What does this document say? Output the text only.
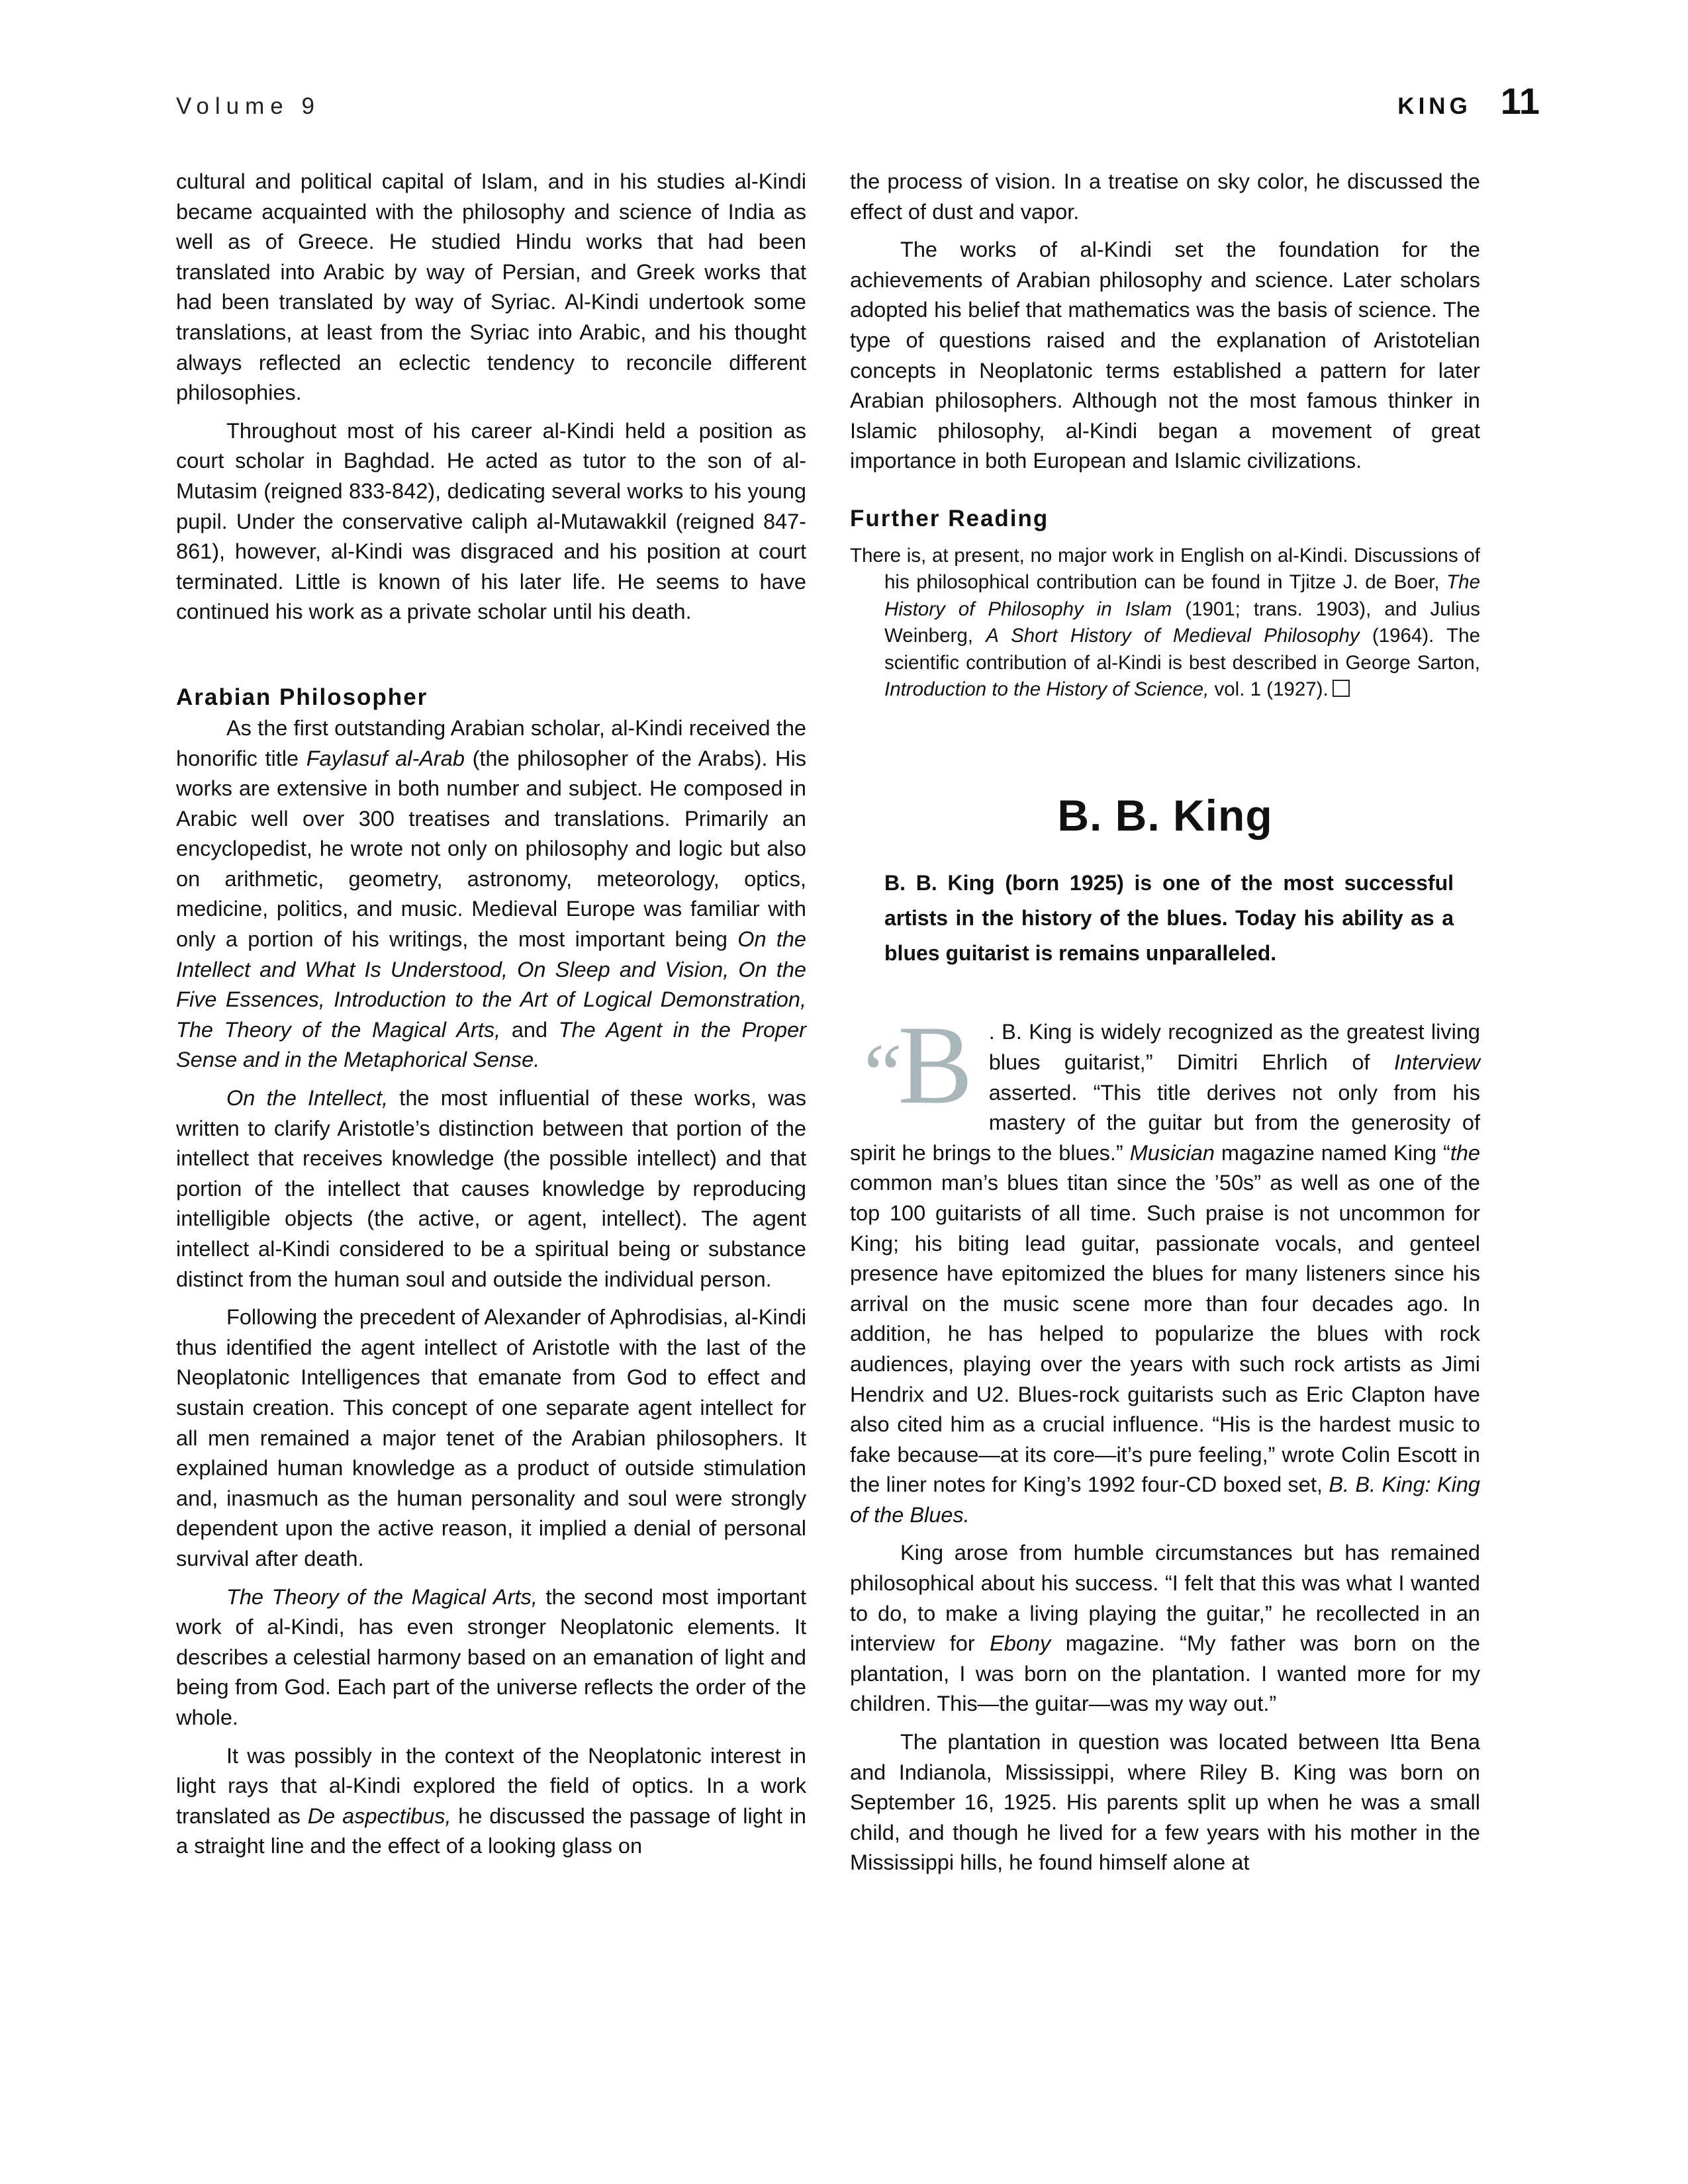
Volume 9	KING 11

cultural and political capital of Islam, and in his studies al-Kindi became acquainted with the philosophy and science of India as well as of Greece. He studied Hindu works that had been translated into Arabic by way of Persian, and Greek works that had been translated by way of Syriac. Al-Kindi undertook some translations, at least from the Syriac into Arabic, and his thought always reflected an eclectic tendency to reconcile different philosophies.

Throughout most of his career al-Kindi held a position as court scholar in Baghdad. He acted as tutor to the son of al-Mutasim (reigned 833-842), dedicating several works to his young pupil. Under the conservative caliph al-Mutawakkil (reigned 847-861), however, al-Kindi was disgraced and his position at court terminated. Little is known of his later life. He seems to have continued his work as a private scholar until his death.

Arabian Philosopher

As the first outstanding Arabian scholar, al-Kindi received the honorific title Faylasuf al-Arab (the philosopher of the Arabs). His works are extensive in both number and subject. He composed in Arabic well over 300 treatises and translations. Primarily an encyclopedist, he wrote not only on philosophy and logic but also on arithmetic, geometry, astronomy, meteorology, optics, medicine, politics, and music. Medieval Europe was familiar with only a portion of his writings, the most important being On the Intellect and What Is Understood, On Sleep and Vision, On the Five Essences, Introduction to the Art of Logical Demonstration, The Theory of the Magical Arts, and The Agent in the Proper Sense and in the Metaphorical Sense.

On the Intellect, the most influential of these works, was written to clarify Aristotle’s distinction between that portion of the intellect that receives knowledge (the possible intellect) and that portion of the intellect that causes knowledge by reproducing intelligible objects (the active, or agent, intellect). The agent intellect al-Kindi considered to be a spiritual being or substance distinct from the human soul and outside the individual person.

Following the precedent of Alexander of Aphrodisias, al-Kindi thus identified the agent intellect of Aristotle with the last of the Neoplatonic Intelligences that emanate from God to effect and sustain creation. This concept of one separate agent intellect for all men remained a major tenet of the Arabian philosophers. It explained human knowledge as a product of outside stimulation and, inasmuch as the human personality and soul were strongly dependent upon the active reason, it implied a denial of personal survival after death.

The Theory of the Magical Arts, the second most important work of al-Kindi, has even stronger Neoplatonic elements. It describes a celestial harmony based on an emanation of light and being from God. Each part of the universe reflects the order of the whole.

It was possibly in the context of the Neoplatonic interest in light rays that al-Kindi explored the field of optics. In a work translated as De aspectibus, he discussed the passage of light in a straight line and the effect of a looking glass on

the process of vision. In a treatise on sky color, he discussed the effect of dust and vapor.

The works of al-Kindi set the foundation for the achievements of Arabian philosophy and science. Later scholars adopted his belief that mathematics was the basis of science. The type of questions raised and the explanation of Aristotelian concepts in Neoplatonic terms established a pattern for later Arabian philosophers. Although not the most famous thinker in Islamic philosophy, al-Kindi began a movement of great importance in both European and Islamic civilizations.

Further Reading

There is, at present, no major work in English on al-Kindi. Discussions of his philosophical contribution can be found in Tjitze J. de Boer, The History of Philosophy in Islam (1901; trans. 1903), and Julius Weinberg, A Short History of Medieval Philosophy (1964). The scientific contribution of al-Kindi is best described in George Sarton, Introduction to the History of Science, vol. 1 (1927).

B. B. King

B. B. King (born 1925) is one of the most successful artists in the history of the blues. Today his ability as a blues guitarist is remains unparalleled.

“B . B. King is widely recognized as the greatest living blues guitarist,” Dimitri Ehrlich of Interview asserted. “This title derives not only from his mastery of the guitar but from the generosity of spirit he brings to the blues.” Musician magazine named King “the common man’s blues titan since the ’50s” as well as one of the top 100 guitarists of all time. Such praise is not uncommon for King; his biting lead guitar, passionate vocals, and genteel presence have epitomized the blues for many listeners since his arrival on the music scene more than four decades ago. In addition, he has helped to popularize the blues with rock audiences, playing over the years with such rock artists as Jimi Hendrix and U2. Blues-rock guitarists such as Eric Clapton have also cited him as a crucial influence. “His is the hardest music to fake because—at its core—it’s pure feeling,” wrote Colin Escott in the liner notes for King’s 1992 four-CD boxed set, B. B. King: King of the Blues.

King arose from humble circumstances but has remained philosophical about his success. “I felt that this was what I wanted to do, to make a living playing the guitar,” he recollected in an interview for Ebony magazine. “My father was born on the plantation, I was born on the plantation. I wanted more for my children. This—the guitar—was my way out.”

The plantation in question was located between Itta Bena and Indianola, Mississippi, where Riley B. King was born on September 16, 1925. His parents split up when he was a small child, and though he lived for a few years with his mother in the Mississippi hills, he found himself alone at
